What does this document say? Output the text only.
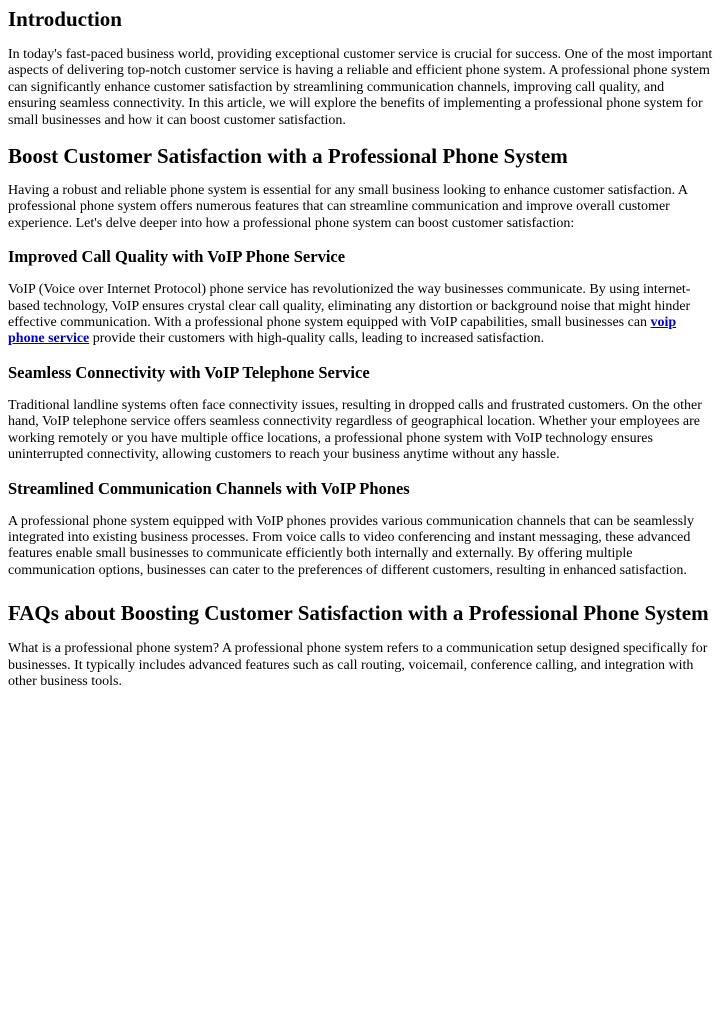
Introduction

In today's fast-paced business world, providing exceptional customer service is crucial for success. One of the most important aspects of delivering top-notch customer service is having a reliable and efficient phone system. A professional phone system can significantly enhance customer satisfaction by streamlining communication channels, improving call quality, and ensuring seamless connectivity. In this article, we will explore the benefits of implementing a professional phone system for small businesses and how it can boost customer satisfaction.

Boost Customer Satisfaction with a Professional Phone System

Having a robust and reliable phone system is essential for any small business looking to enhance customer satisfaction. A professional phone system offers numerous features that can streamline communication and improve overall customer experience. Let's delve deeper into how a professional phone system can boost customer satisfaction:

Improved Call Quality with VoIP Phone Service

VoIP (Voice over Internet Protocol) phone service has revolutionized the way businesses communicate. By using internet-based technology, VoIP ensures crystal clear call quality, eliminating any distortion or background noise that might hinder effective communication. With a professional phone system equipped with VoIP capabilities, small businesses can voip phone service provide their customers with high-quality calls, leading to increased satisfaction.

Seamless Connectivity with VoIP Telephone Service

Traditional landline systems often face connectivity issues, resulting in dropped calls and frustrated customers. On the other hand, VoIP telephone service offers seamless connectivity regardless of geographical location. Whether your employees are working remotely or you have multiple office locations, a professional phone system with VoIP technology ensures uninterrupted connectivity, allowing customers to reach your business anytime without any hassle.

Streamlined Communication Channels with VoIP Phones

A professional phone system equipped with VoIP phones provides various communication channels that can be seamlessly integrated into existing business processes. From voice calls to video conferencing and instant messaging, these advanced features enable small businesses to communicate efficiently both internally and externally. By offering multiple communication options, businesses can cater to the preferences of different customers, resulting in enhanced satisfaction.

FAQs about Boosting Customer Satisfaction with a Professional Phone System

What is a professional phone system? A professional phone system refers to a communication setup designed specifically for businesses. It typically includes advanced features such as call routing, voicemail, conference calling, and integration with other business tools.
